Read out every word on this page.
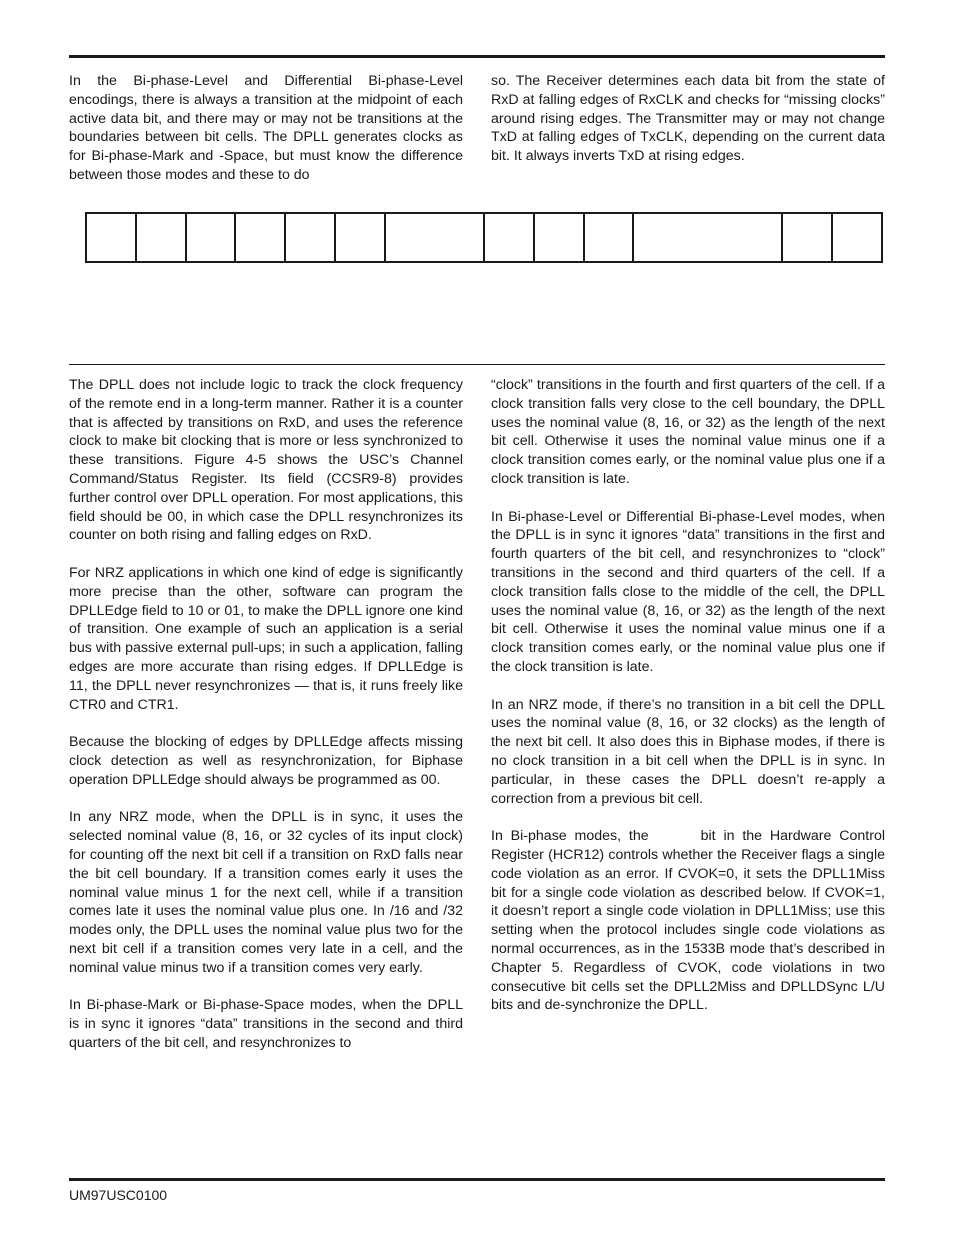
In the Bi-phase-Level and Differential Bi-phase-Level encodings, there is always a transition at the midpoint of each active data bit, and there may or may not be transitions at the boundaries between bit cells. The DPLL generates clocks as for Bi-phase-Mark and -Space, but must know the difference between those modes and these to do
so. The Receiver determines each data bit from the state of RxD at falling edges of RxCLK and checks for “missing clocks” around rising edges. The Transmitter may or may not change TxD at falling edges of TxCLK, depending on the current data bit. It always inverts TxD at rising edges.

The DPLL does not include logic to track the clock frequency of the remote end in a long-term manner. Rather it is a counter that is affected by transitions on RxD, and uses the reference clock to make bit clocking that is more or less synchronized to these transitions. Figure 4-5 shows the USC’s Channel Command/Status Register. Its field (CCSR9-8) provides further control over DPLL operation. For most applications, this field should be 00, in which case the DPLL resynchronizes its counter on both rising and falling edges on RxD.

For NRZ applications in which one kind of edge is significantly more precise than the other, software can program the DPLLEdge field to 10 or 01, to make the DPLL ignore one kind of transition. One example of such an application is a serial bus with passive external pull-ups; in such a application, falling edges are more accurate than rising edges. If DPLLEdge is 11, the DPLL never resynchronizes — that is, it runs freely like CTR0 and CTR1.

Because the blocking of edges by DPLLEdge affects missing clock detection as well as resynchronization, for Biphase operation DPLLEdge should always be programmed as 00.

In any NRZ mode, when the DPLL is in sync, it uses the selected nominal value (8, 16, or 32 cycles of its input clock) for counting off the next bit cell if a transition on RxD falls near the bit cell boundary. If a transition comes early it uses the nominal value minus 1 for the next cell, while if a transition comes late it uses the nominal value plus one. In /16 and /32 modes only, the DPLL uses the nominal value plus two for the next bit cell if a transition comes very late in a cell, and the nominal value minus two if a transition comes very early.

In Bi-phase-Mark or Bi-phase-Space modes, when the DPLL is in sync it ignores “data” transitions in the second and third quarters of the bit cell, and resynchronizes to

“clock” transitions in the fourth and first quarters of the cell. If a clock transition falls very close to the cell boundary, the DPLL uses the nominal value (8, 16, or 32) as the length of the next bit cell. Otherwise it uses the nominal value minus one if a clock transition comes early, or the nominal value plus one if a clock transition is late.

In Bi-phase-Level or Differential Bi-phase-Level modes, when the DPLL is in sync it ignores “data” transitions in the first and fourth quarters of the bit cell, and resynchronizes to “clock” transitions in the second and third quarters of the cell. If a clock transition falls close to the middle of the cell, the DPLL uses the nominal value (8, 16, or 32) as the length of the next bit cell. Otherwise it uses the nominal value minus one if a clock transition comes early, or the nominal value plus one if the clock transition is late.

In an NRZ mode, if there’s no transition in a bit cell the DPLL uses the nominal value (8, 16, or 32 clocks) as the length of the next bit cell. It also does this in Biphase modes, if there is no clock transition in a bit cell when the DPLL is in sync. In particular, in these cases the DPLL doesn’t re-apply a correction from a previous bit cell.

In Bi-phase modes, the	bit in the Hardware Control Register (HCR12) controls whether the Receiver flags a single code violation as an error. If CVOK=0, it sets the DPLL1Miss bit for a single code violation as described below. If CVOK=1, it doesn’t report a single code violation in DPLL1Miss; use this setting when the protocol includes single code violations as normal occurrences, as in the 1533B mode that’s described in Chapter 5. Regardless of CVOK, code violations in two consecutive bit cells set the DPLL2Miss and DPLLDSync L/U bits and de-synchronize the DPLL.

UM97USC0100
